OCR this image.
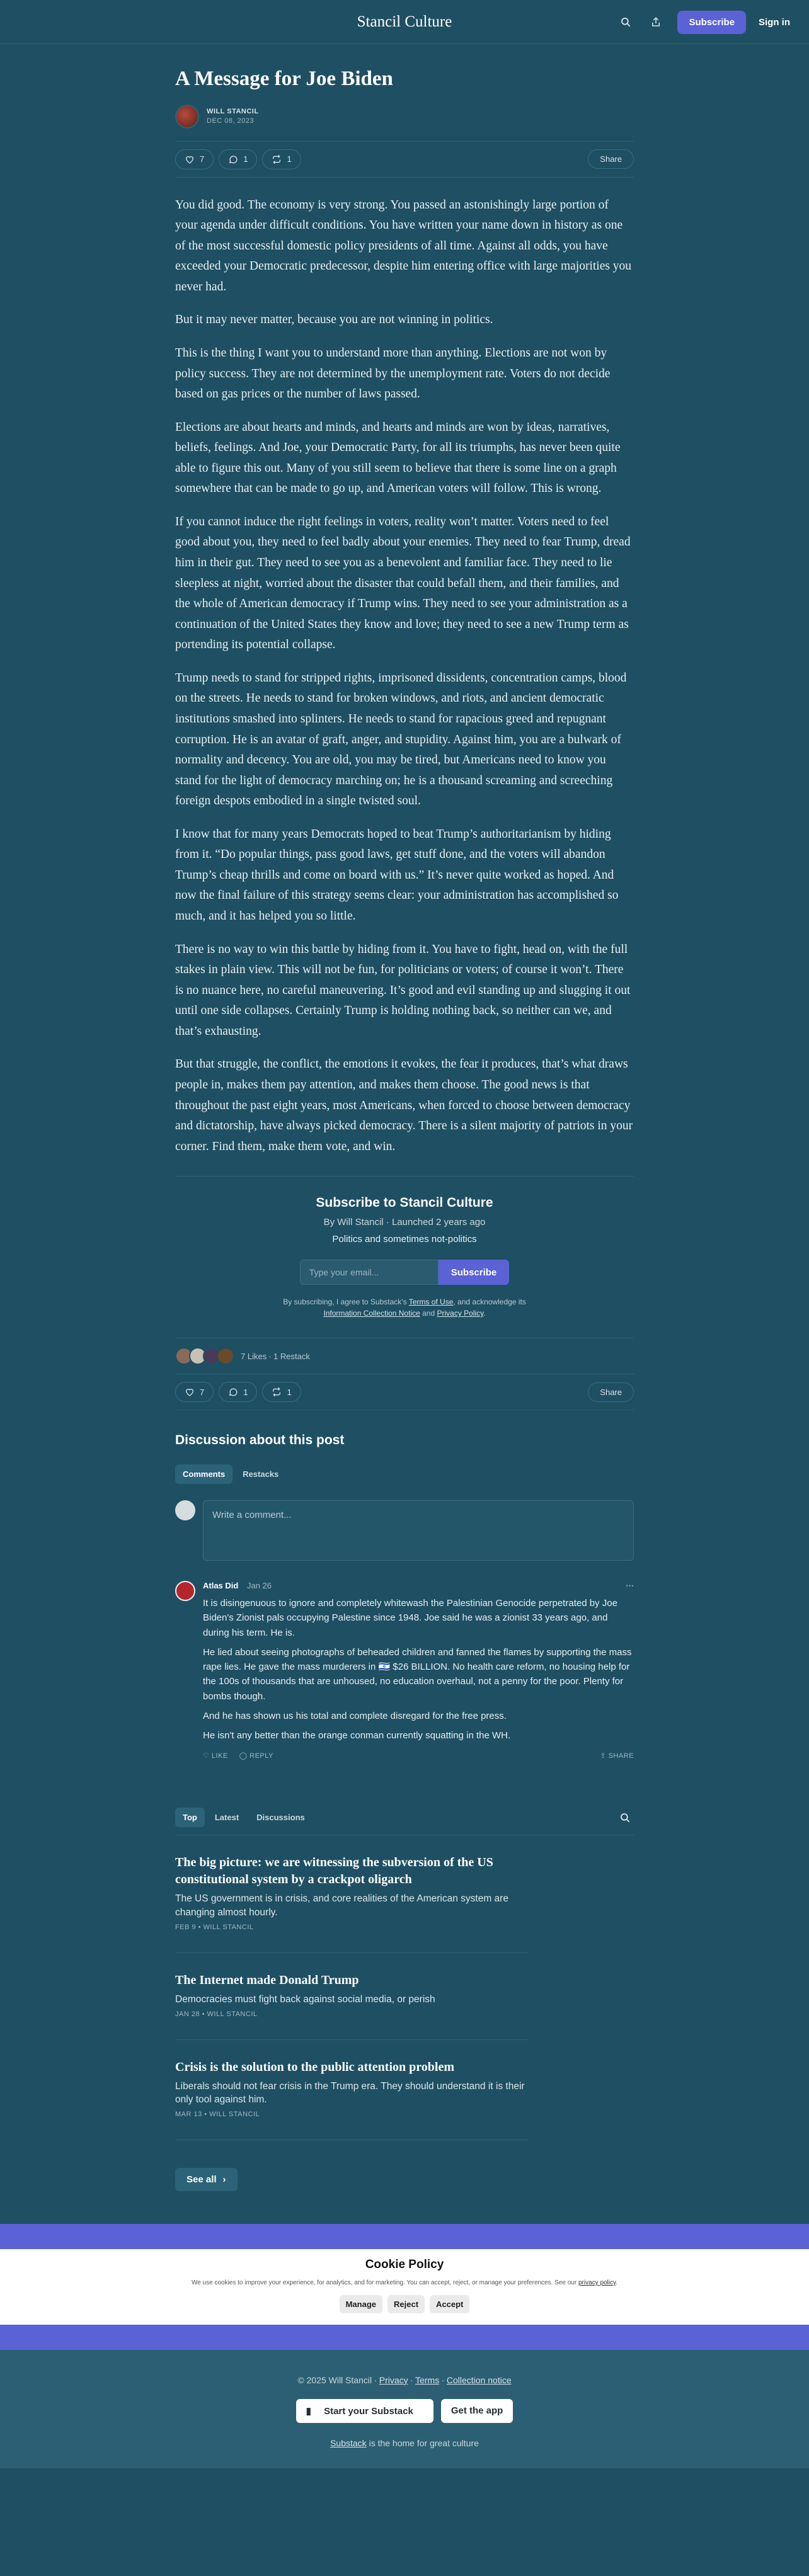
Stancil Culture	Subscribe	Sign in
A Message for Joe Biden
WILL STANCIL
DEC 08, 2023
7	1	1	Share

You did good. The economy is very strong. You passed an astonishingly large portion of your agenda under difficult conditions. You have written your name down in history as one of the most successful domestic policy presidents of all time. Against all odds, you have exceeded your Democratic predecessor, despite him entering office with large majorities you never had.

But it may never matter, because you are not winning in politics.

This is the thing I want you to understand more than anything. Elections are not won by policy success. They are not determined by the unemployment rate. Voters do not decide based on gas prices or the number of laws passed.

Elections are about hearts and minds, and hearts and minds are won by ideas, narratives, beliefs, feelings. And Joe, your Democratic Party, for all its triumphs, has never been quite able to figure this out. Many of you still seem to believe that there is some line on a graph somewhere that can be made to go up, and American voters will follow. This is wrong.

If you cannot induce the right feelings in voters, reality won’t matter. Voters need to feel good about you, they need to feel badly about your enemies. They need to fear Trump, dread him in their gut. They need to see you as a benevolent and familiar face. They need to lie sleepless at night, worried about the disaster that could befall them, and their families, and the whole of American democracy if Trump wins. They need to see your administration as a continuation of the United States they know and love; they need to see a new Trump term as portending its potential collapse.

Trump needs to stand for stripped rights, imprisoned dissidents, concentration camps, blood on the streets. He needs to stand for broken windows, and riots, and ancient democratic institutions smashed into splinters. He needs to stand for rapacious greed and repugnant corruption. He is an avatar of graft, anger, and stupidity. Against him, you are a bulwark of normality and decency. You are old, you may be tired, but Americans need to know you stand for the light of democracy marching on; he is a thousand screaming and screeching foreign despots embodied in a single twisted soul.

I know that for many years Democrats hoped to beat Trump’s authoritarianism by hiding from it. “Do popular things, pass good laws, get stuff done, and the voters will abandon Trump’s cheap thrills and come on board with us.” It’s never quite worked as hoped. And now the final failure of this strategy seems clear: your administration has accomplished so much, and it has helped you so little.

There is no way to win this battle by hiding from it. You have to fight, head on, with the full stakes in plain view. This will not be fun, for politicians or voters; of course it won’t. There is no nuance here, no careful maneuvering. It’s good and evil standing up and slugging it out until one side collapses. Certainly Trump is holding nothing back, so neither can we, and that’s exhausting.

But that struggle, the conflict, the emotions it evokes, the fear it produces, that’s what draws people in, makes them pay attention, and makes them choose. The good news is that throughout the past eight years, most Americans, when forced to choose between democracy and dictatorship, have always picked democracy. There is a silent majority of patriots in your corner. Find them, make them vote, and win.

Subscribe to Stancil Culture
By Will Stancil · Launched 2 years ago
Politics and sometimes not-politics
Type your email...
Subscribe
By subscribing, I agree to Substack's Terms of Use, and acknowledge its Information Collection Notice and Privacy Policy.
7 Likes ∙ 1 Restack
7	1	1	Share
Discussion about this post
Comments	Restacks
Write a comment...
Atlas Did Jan 26	⋯

It is disingenuous to ignore and completely whitewash the Palestinian Genocide perpetrated by Joe Biden's Zionist pals occupying Palestine since 1948. Joe said he was a zionist 33 years ago, and during his term. He is.

He lied about seeing photographs of beheaded children and fanned the flames by supporting the mass rape lies. He gave the mass murderers in 🇮🇱 $26 BILLION. No health care reform, no housing help for the 100s of thousands that are unhoused, no education overhaul, not a penny for the poor. Plenty for bombs though.

And he has shown us his total and complete disregard for the free press.

He isn't any better than the orange conman currently squatting in the WH.

♡ LIKE ◯ REPLY	⇪ SHARE
Top	Latest	Discussions
The big picture: we are witnessing the subversion of the US constitutional system by a crackpot oligarch
The US government is in crisis, and core realities of the American system are changing almost hourly.
FEB 9 • WILL STANCIL
The Internet made Donald Trump
Democracies must fight back against social media, or perish
JAN 28 • WILL STANCIL
Crisis is the solution to the public attention problem
Liberals should not fear crisis in the Trump era. They should understand it is their only tool against him.
MAR 13 • WILL STANCIL
See all ›
Cookie Policy
We use cookies to improve your experience, for analytics, and for marketing. You can accept, reject, or manage your preferences. See our privacy policy.
Manage	Reject	Accept
© 2025 Will Stancil ∙ Privacy ∙ Terms ∙ Collection notice
▮ Start your Substack	Get the app
Substack is the home for great culture
